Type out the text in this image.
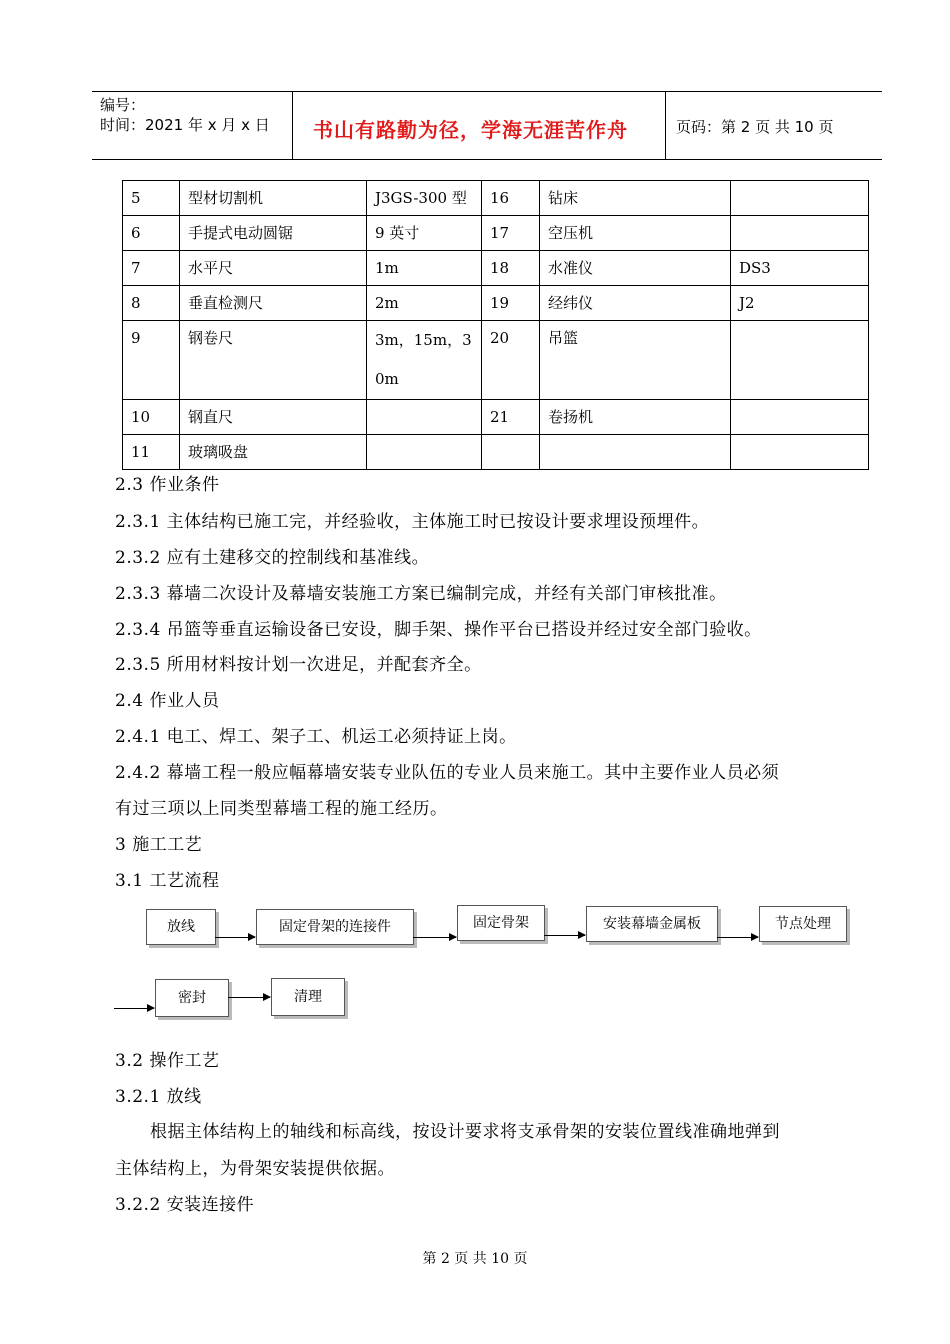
编号：
时间：2021 年 x 月 x 日 书山有路勤为径，学海无涯苦作舟	页码：第 2 页 共 10 页
5	型材切割机	J3GS-300 型	16	钻床	
6	手提式电动圆锯	9 英寸	17	空压机	
7	水平尺	1m	18	水准仪	DS3
8	垂直检测尺	2m	19	经纬仪	J2
9	钢卷尺	3m，15m，30m	20	吊篮	
10	钢直尺		21	卷扬机	
11	玻璃吸盘				
2.3 作业条件
2.3.1 主体结构已施工完，并经验收，主体施工时已按设计要求埋设预埋件。
2.3.2 应有土建移交的控制线和基准线。
2.3.3 幕墙二次设计及幕墙安装施工方案已编制完成，并经有关部门审核批准。
2.3.4 吊篮等垂直运输设备已安设，脚手架、操作平台已搭设并经过安全部门验收。
2.3.5 所用材料按计划一次进足，并配套齐全。
2.4 作业人员
2.4.1 电工、焊工、架子工、机运工必须持证上岗。
2.4.2 幕墙工程一般应幅幕墙安装专业队伍的专业人员来施工。其中主要作业人员必须
有过三项以上同类型幕墙工程的施工经历。
3 施工工艺
3.1 工艺流程
放线	固定骨架的连接件	固定骨架	安装幕墙金属板	节点处理
密封	清理
3.2 操作工艺
3.2.1 放线
根据主体结构上的轴线和标高线，按设计要求将支承骨架的安装位置线准确地弹到
主体结构上，为骨架安装提供依据。
3.2.2 安装连接件
第 2 页 共 10 页
